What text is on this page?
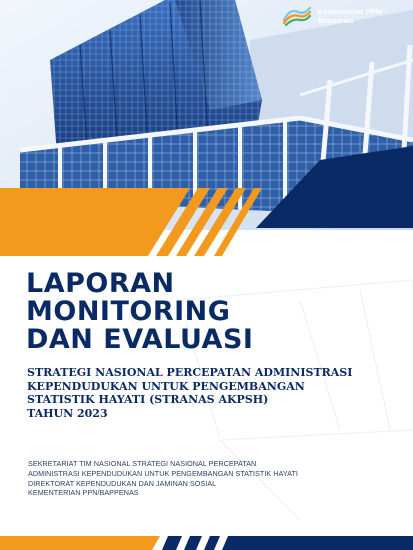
Kementerian PPN/
Bappenas
LAPORAN
MONITORING
DAN EVALUASI
STRATEGI NASIONAL PERCEPATAN ADMINISTRASI
KEPENDUDUKAN UNTUK PENGEMBANGAN
STATISTIK HAYATI (STRANAS AKPSH)
TAHUN 2023
SEKRETARIAT TIM NASIONAL STRATEGI NASIONAL PERCEPATAN
ADMINISTRASI KEPENDUDUKAN UNTUK PENGEMBANGAN STATISTIK HAYATI
DIREKTORAT KEPENDUDUKAN DAN JAMINAN SOSIAL
KEMENTERIAN PPN/BAPPENAS
